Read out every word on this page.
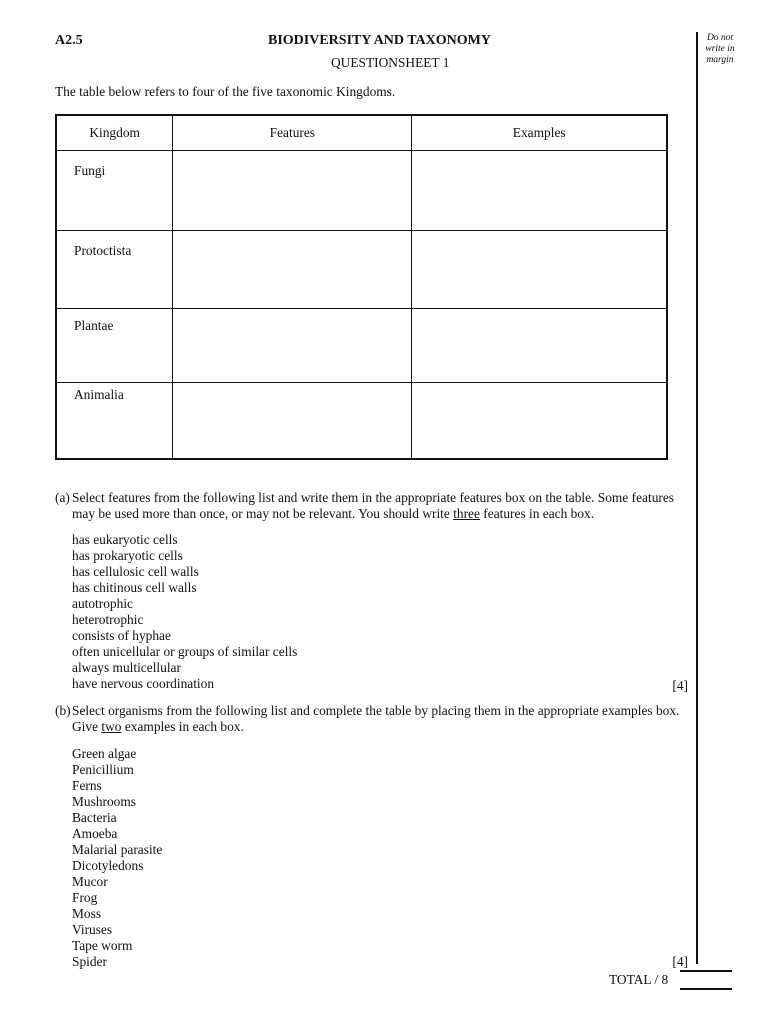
A2.5	BIODIVERSITY AND TAXONOMY
QUESTIONSHEET 1
Do not write in margin
The table below refers to four of the five taxonomic Kingdoms.
Kingdom	Features	Examples
Fungi		
Protoctista		
Plantae		
Animalia		
(a) Select features from the following list and write them in the appropriate features box on the table. Some features may be used more than once, or may not be relevant. You should write three features in each box.
has eukaryotic cells
has prokaryotic cells
has cellulosic cell walls
has chitinous cell walls
autotrophic
heterotrophic
consists of hyphae
often unicellular or groups of similar cells
always multicellular
have nervous coordination	[4]
(b) Select organisms from the following list and complete the table by placing them in the appropriate examples box. Give two examples in each box.
Green algae
Penicillium
Ferns
Mushrooms
Bacteria
Amoeba
Malarial parasite
Dicotyledons
Mucor
Frog
Moss
Viruses
Tape worm
Spider	[4]
TOTAL / 8
